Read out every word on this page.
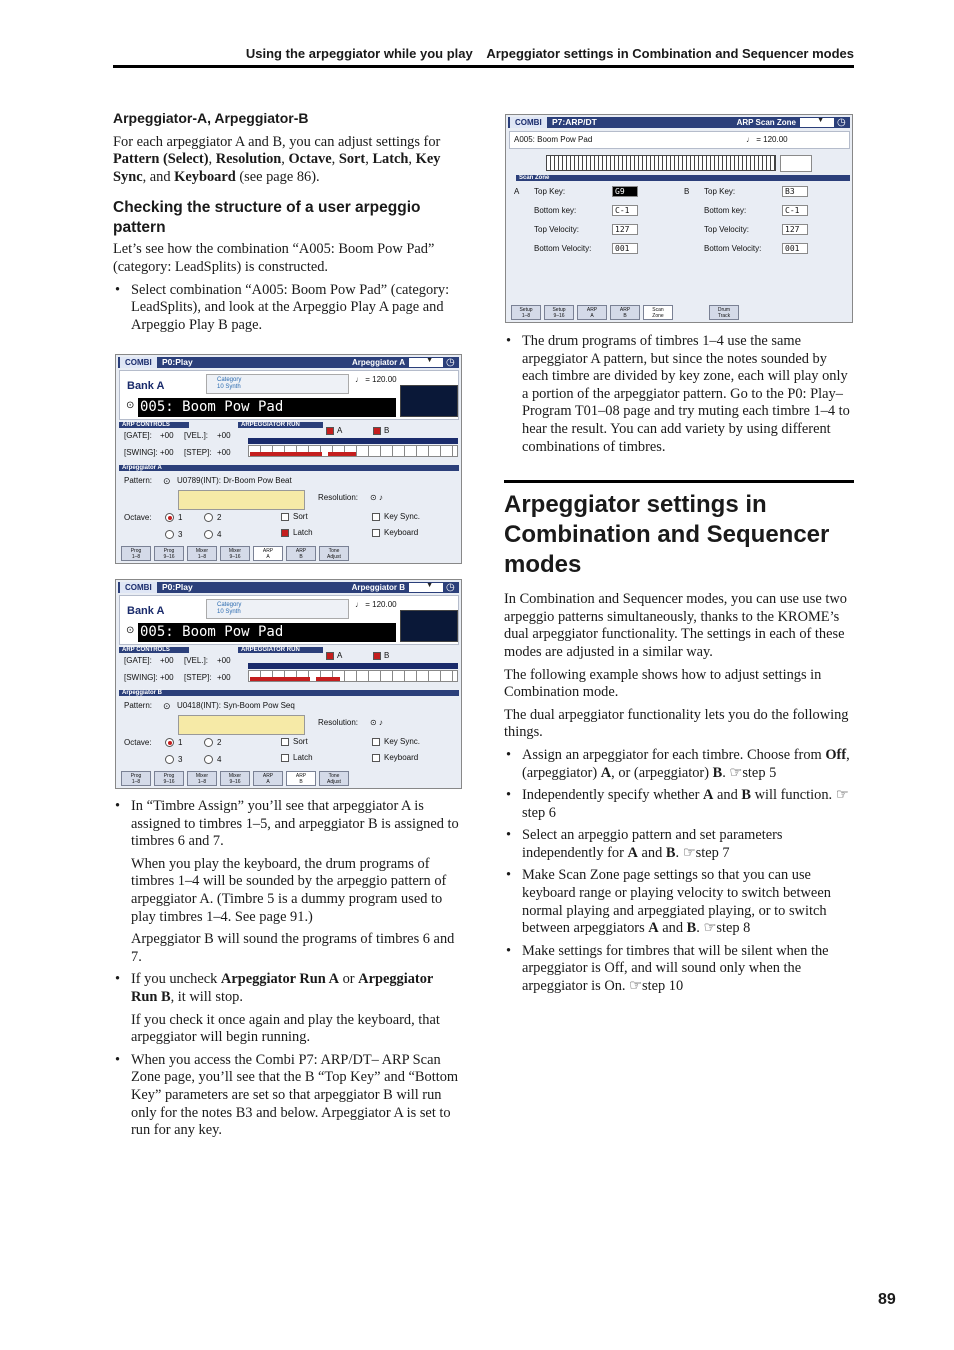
Using the arpeggiator while you play Arpeggiator settings in Combination and Sequencer modes
Arpeggiator-A, Arpeggiator-B

For each arpeggiator A and B, you can adjust settings for Pattern (Select), Resolution, Octave, Sort, Latch, Key Sync, and Keyboard (see page 86).

Checking the structure of a user arpeggio pattern

Let’s see how the combination “A005: Boom Pow Pad” (category: LeadSplits) is constructed.

• Select combination “A005: Boom Pow Pad” (category: LeadSplits), and look at the Arpeggio Play A page and Arpeggio Play B page.
COMBI	P0:Play	Arpeggiator A ▼	◷
Bank A	Category
10 Synth
♩ = 120.00
⊙ 005: Boom Pow Pad
ARP CONTROLS	ARPEGGIATOR RUN
[GATE]: +00 [VEL.]: +00
[SWING]: +00 [STEP]: +00
A	B
Arpeggiator A
Pattern: ⊙ U0789(INT): Dr-Boom Pow Beat
Resolution: ⊙ ♪
Octave:	1	2
3	4
Sort
Latch
Key Sync.
Keyboard
Prog
1–8
Prog
9–16
Mixer
1–8
Mixer
9–16
ARP
A
ARP
B
Tone
Adjust
COMBI	P0:Play	Arpeggiator B ▼	◷
Bank A	Category
10 Synth
♩ = 120.00
⊙ 005: Boom Pow Pad
ARP CONTROLS	ARPEGGIATOR RUN
[GATE]: +00 [VEL.]: +00
[SWING]: +00 [STEP]: +00
A	B
Arpeggiator B
Pattern: ⊙ U0418(INT): Syn-Boom Pow Seq
Resolution: ⊙ ♪
Octave:	1	2
3	4
Sort
Latch
Key Sync.
Keyboard
Prog
1–8
Prog
9–16
Mixer
1–8
Mixer
9–16
ARP
A
ARP
B
Tone
Adjust
• In “Timbre Assign” you’ll see that arpeggiator A is assigned to timbres 1–5, and arpeggiator B is assigned to timbres 6 and 7.

When you play the keyboard, the drum programs of timbres 1–4 will be sounded by the arpeggio pattern of arpeggiator A. (Timbre 5 is a dummy program used to play timbres 1–4. See page 91.)

Arpeggiator B will sound the programs of timbres 6 and 7.

• If you uncheck Arpeggiator Run A or Arpeggiator Run B, it will stop.

If you check it once again and play the keyboard, that arpeggiator will begin running.

• When you access the Combi P7: ARP/DT– ARP Scan Zone page, you’ll see that the B “Top Key” and “Bottom Key” parameters are set so that arpeggiator B will run only for the notes B3 and below. Arpeggiator A is set to run for any key.
COMBI	P7:ARP/DT	ARP Scan Zone ▼	◷
A005: Boom Pow Pad	♩ = 120.00
Scan Zone
A Top Key:	G9
Bottom key:	C-1
Top Velocity:	127
Bottom Velocity:	001
B Top Key:	B3
Bottom key:	C-1
Top Velocity:	127
Bottom Velocity:	001
Setup
1–8
Setup
9–16
ARP
A
ARP
B
Scan
Zone
Drum
Track
• The drum programs of timbres 1–4 use the same arpeggiator A pattern, but since the notes sounded by each timbre are divided by key zone, each will play only a portion of the arpeggiator pattern. Go to the P0: Play–Program T01–08 page and try muting each timbre 1–4 to hear the result. You can add variety by using different combinations of timbres.
Arpeggiator settings in Combination and Sequencer modes

In Combination and Sequencer modes, you can use use two arpeggio patterns simultaneously, thanks to the KROME’s dual arpeggiator functionality. The settings in each of these modes are adjusted in a similar way.

The following example shows how to adjust settings in Combination mode.

The dual arpeggiator functionality lets you do the following things.

• Assign an arpeggiator for each timbre. Choose from Off, (arpeggiator) A, or (arpeggiator) B. ☞step 5
• Independently specify whether A and B will function. ☞step 6
• Select an arpeggio pattern and set parameters independently for A and B. ☞step 7
• Make Scan Zone page settings so that you can use keyboard range or playing velocity to switch between normal playing and arpeggiated playing, or to switch between arpeggiators A and B. ☞step 8
• Make settings for timbres that will be silent when the arpeggiator is Off, and will sound only when the arpeggiator is On. ☞step 10
89
